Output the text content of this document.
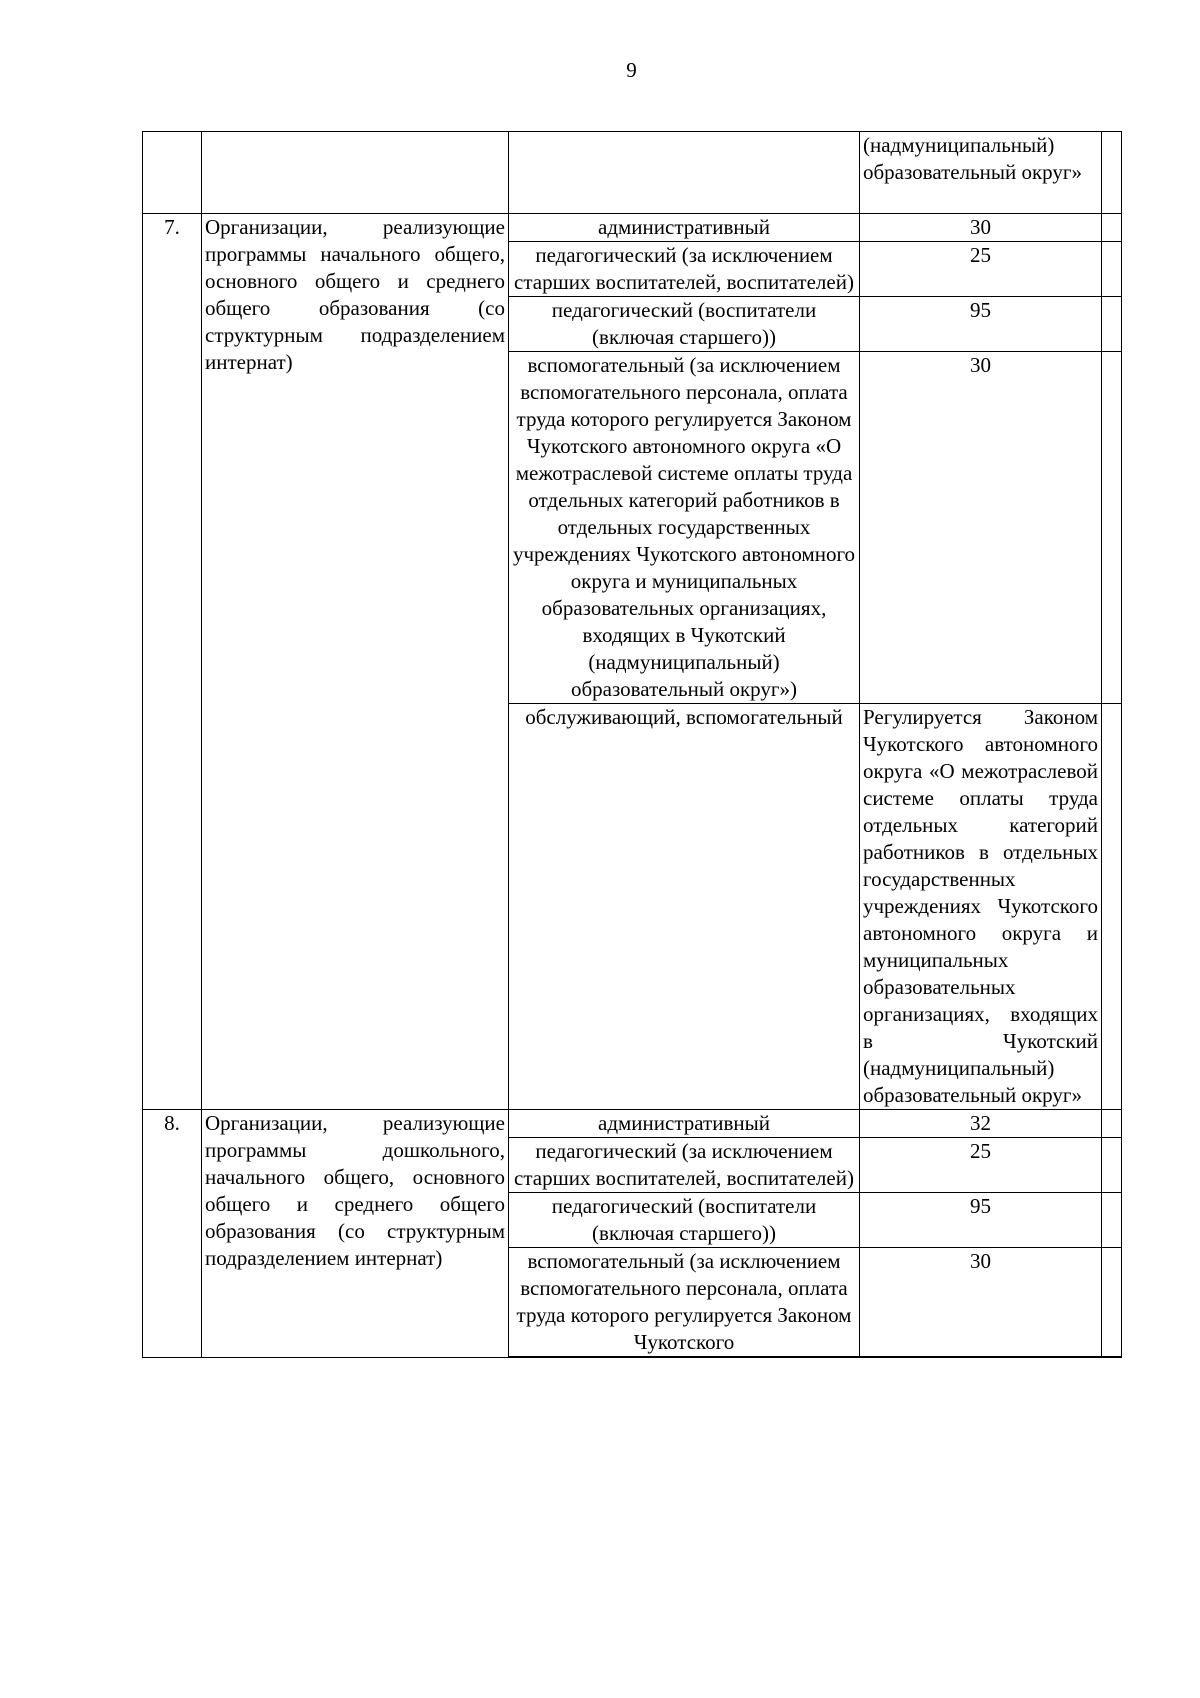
9
			(надмуниципальный) образовательный округ»	
7.	Организации, реализующие программы начального общего, основного общего и среднего общего образования (со структурным подразделением интернат)	административный	30	
		педагогический (за исключением старших воспитателей, воспитателей)	25	
		педагогический (воспитатели (включая старшего))	95	
		вспомогательный (за исключением вспомогательного персонала, оплата труда которого регулируется Законом Чукотского автономного округа «О межотраслевой системе оплаты труда отдельных категорий работников в отдельных государственных учреждениях Чукотского автономного округа и муниципальных образовательных организациях, входящих в Чукотский (надмуниципальный) образовательный округ»)	30	
		обслуживающий, вспомогательный	Регулируется Законом Чукотского автономного округа «О межотраслевой системе оплаты труда отдельных категорий работников в отдельных государственных учреждениях Чукотского автономного округа и муниципальных образовательных организациях, входящих в Чукотский (надмуниципальный) образовательный округ»	
8.	Организации, реализующие программы дошкольного, начального общего, основного общего и среднего общего образования (со структурным подразделением интернат)	административный	32	
		педагогический (за исключением старших воспитателей, воспитателей)	25	
		педагогический (воспитатели (включая старшего))	95	
		вспомогательный (за исключением вспомогательного персонала, оплата труда которого регулируется Законом Чукотского	30	
